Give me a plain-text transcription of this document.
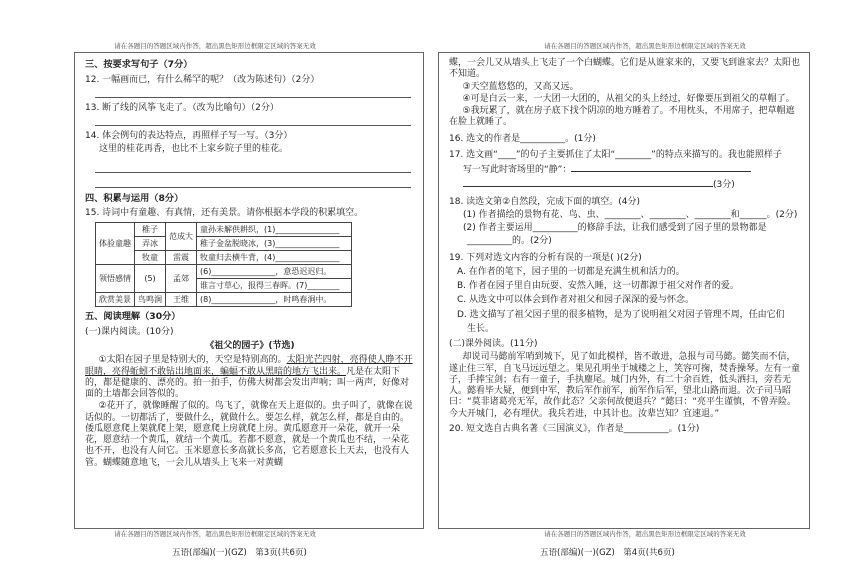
请在各题目的答题区域内作答，超出黑色矩形边框限定区域的答案无效
三、按要求写句子（7分）
12. 一幅画而已，有什么稀罕的呢？（改为陈述句）（2分）
13. 断了线的风筝飞走了。（改为比喻句）（2分）
14. 体会例句的表达特点，再照样子写一写。（3分）
这里的桂花再香，也比不上家乡院子里的桂花。
四、积累与运用（8分）
15. 诗词中有童趣、有真情，还有美景。请你根据本学段的积累填空。
体验童趣	稚子	范成大	童孙未解供耕织，(1)________________
	弄冰		稚子金盆脱晓冰，(3)________________
	牧童	雷震	牧童归去横牛背，(4)________________
领悟感情	(5)	孟郊	(6)________________，意恐迟迟归。
			谁言寸草心，报得三春晖。(7)________
欣赏美景	鸟鸣涧	王维	(8)________________，时鸣春涧中。
五、阅读理解（30分）
(一)课内阅读。(10分)
《祖父的园子》(节选)
①太阳在园子里是特别大的，天空是特别高的。太阳光芒四射，亮得使人睁不开眼睛，亮得蚯蚓不敢钻出地面来，蝙蝠不敢从黑暗的地方飞出来。凡是在太阳下的，都是健康的、漂亮的。拍一拍手，仿佛大树都会发出声响；叫一两声，好像对面的土墙都会回答似的。
②花开了，就像睡醒了似的。鸟飞了，就像在天上逛似的。虫子叫了，就像在说话似的。一切都活了，要做什么，就做什么。要怎么样，就怎么样，都是自由的。倭瓜愿意爬上架就爬上架，愿意爬上房就爬上房。黄瓜愿意开一朵花，就开一朵花，愿意结一个黄瓜，就结一个黄瓜。若都不愿意，就是一个黄瓜也不结，一朵花也不开，也没有人问它。玉米愿意长多高就长多高，它若愿意长上天去，也没有人管。蝴蝶随意地飞，一会儿从墙头上飞来一对黄蝴
请在各题目的答题区域内作答，超出黑色矩形边框限定区域的答案无效
五语(部编)(一)(GZ)　第3页(共6页)
请在各题目的答题区域内作答，超出黑色矩形边框限定区域的答案无效
蝶，一会儿又从墙头上飞走了一个白蝴蝶。它们是从谁家来的，又要飞到谁家去？太阳也不知道。
③天空蓝悠悠的，又高又远。
④可是白云一来，一大团一大团的，从祖父的头上经过，好像要压到祖父的草帽了。
⑤我玩累了，就在房子底下找个阴凉的地方睡着了。不用枕头，不用席子，把草帽遮在脸上就睡了。
16. 选文的作者是__________。(1分)
17. 选文画“____”的句子主要抓住了太阳“________”的特点来描写的。我也能照样子
写一写此时寄场里的“静”：
(3分)
18. 读选文第②自然段，完成下面的填空。(4分)
(1) 作者描绘的景物有花、鸟、虫、________、________、________和______。(2分)
(2) 作者主要运用__________的修辞手法，让我们感受到了园子里的景物都是
__________的。(2分)
19. 下列对选文内容的分析有误的一项是( )(2分)
A. 在作者的笔下，园子里的一切都是充满生机和活力的。
B. 作者在园子里自由玩耍、安然入睡，这一切都源于祖父对作者的爱。
C. 从选文中可以体会到作者对祖父和园子深深的爱与怀念。
D. 选文描写了祖父园子里的很多植物，是为了说明祖父对园子管理不周，任由它们
生长。
(二)课外阅读。(11分)
却说司马懿前军哨到城下，见了如此模样，皆不敢进，急报与司马懿。懿笑而不信，遂止住三军，自飞马远远望之。果见孔明坐于城楼之上，笑容可掬，焚香操琴。左有一童子，手捧宝剑；右有一童子，手执麈尾。城门内外，有二十余百姓，低头洒扫，旁若无人。懿看毕大疑，便到中军，教后军作前军，前军作后军，望北山路而退。次子司马昭曰：“莫非诸葛亮无军，故作此态？父亲何故便退兵？”懿曰：“亮平生谨慎，不曾弄险。今大开城门，必有埋伏。我兵若进，中其计也。汝辈岂知？宜速退。”
20. 短文选自古典名著《三国演义》，作者是__________。(1分)
请在各题目的答题区域内作答，超出黑色矩形边框限定区域的答案无效
五语(部编)(一)(GZ)　第4页(共6页)
